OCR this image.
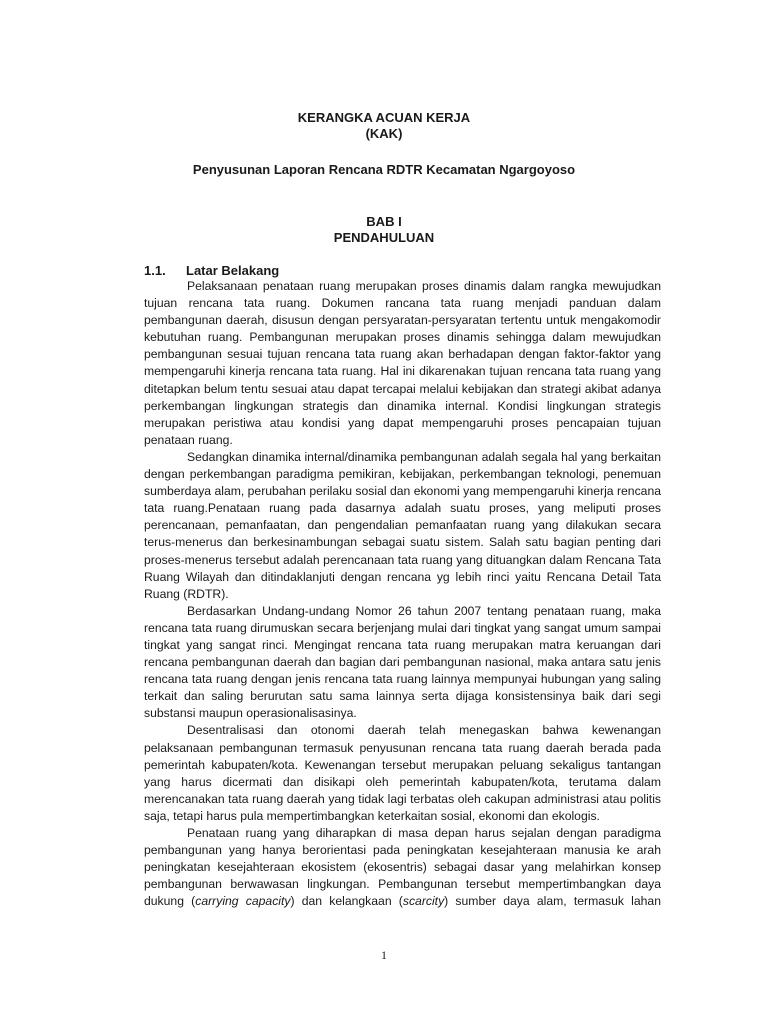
KERANGKA ACUAN KERJA
(KAK)
Penyusunan Laporan Rencana RDTR Kecamatan Ngargoyoso
BAB I
PENDAHULUAN
1.1. Latar Belakang

Pelaksanaan penataan ruang merupakan proses dinamis dalam rangka mewujudkan tujuan rencana tata ruang. Dokumen rancana tata ruang menjadi panduan dalam pembangunan daerah, disusun dengan persyaratan-persyaratan tertentu untuk mengakomodir kebutuhan ruang. Pembangunan merupakan proses dinamis sehingga dalam mewujudkan pembangunan sesuai tujuan rencana tata ruang akan berhadapan dengan faktor-faktor yang mempengaruhi kinerja rencana tata ruang. Hal ini dikarenakan tujuan rencana tata ruang yang ditetapkan belum tentu sesuai atau dapat tercapai melalui kebijakan dan strategi akibat adanya perkembangan lingkungan strategis dan dinamika internal. Kondisi lingkungan strategis merupakan peristiwa atau kondisi yang dapat mempengaruhi proses pencapaian tujuan penataan ruang.

Sedangkan dinamika internal/dinamika pembangunan adalah segala hal yang berkaitan dengan perkembangan paradigma pemikiran, kebijakan, perkembangan teknologi, penemuan sumberdaya alam, perubahan perilaku sosial dan ekonomi yang mempengaruhi kinerja rencana tata ruang.Penataan ruang pada dasarnya adalah suatu proses, yang meliputi proses perencanaan, pemanfaatan, dan pengendalian pemanfaatan ruang yang dilakukan secara terus-menerus dan berkesinambungan sebagai suatu sistem. Salah satu bagian penting dari proses-menerus tersebut adalah perencanaan tata ruang yang dituangkan dalam Rencana Tata Ruang Wilayah dan ditindaklanjuti dengan rencana yg lebih rinci yaitu Rencana Detail Tata Ruang (RDTR).

Berdasarkan Undang-undang Nomor 26 tahun 2007 tentang penataan ruang, maka rencana tata ruang dirumuskan secara berjenjang mulai dari tingkat yang sangat umum sampai tingkat yang sangat rinci. Mengingat rencana tata ruang merupakan matra keruangan dari rencana pembangunan daerah dan bagian dari pembangunan nasional, maka antara satu jenis rencana tata ruang dengan jenis rencana tata ruang lainnya mempunyai hubungan yang saling terkait dan saling berurutan satu sama lainnya serta dijaga konsistensinya baik dari segi substansi maupun operasionalisasinya.

Desentralisasi dan otonomi daerah telah menegaskan bahwa kewenangan pelaksanaan pembangunan termasuk penyusunan rencana tata ruang daerah berada pada pemerintah kabupaten/kota. Kewenangan tersebut merupakan peluang sekaligus tantangan yang harus dicermati dan disikapi oleh pemerintah kabupaten/kota, terutama dalam merencanakan tata ruang daerah yang tidak lagi terbatas oleh cakupan administrasi atau politis saja, tetapi harus pula mempertimbangkan keterkaitan sosial, ekonomi dan ekologis.

Penataan ruang yang diharapkan di masa depan harus sejalan dengan paradigma pembangunan yang hanya berorientasi pada peningkatan kesejahteraan manusia ke arah peningkatan kesejahteraan ekosistem (ekosentris) sebagai dasar yang melahirkan konsep pembangunan berwawasan lingkungan. Pembangunan tersebut mempertimbangkan daya dukung (carrying capacity) dan kelangkaan (scarcity) sumber daya alam, termasuk lahan

1
